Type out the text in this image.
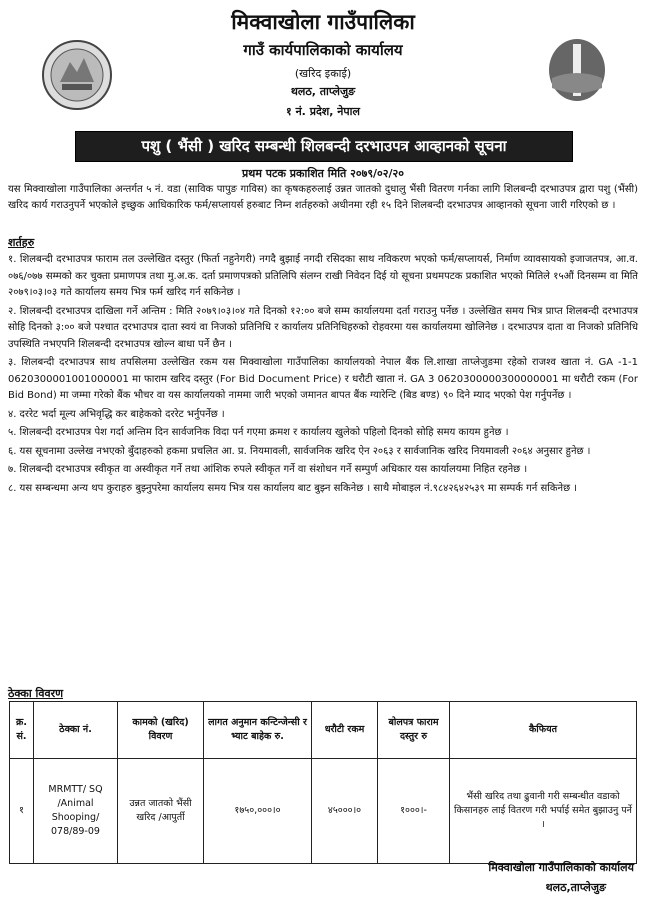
मिक्वाखोला गाउँपालिका
गाउँ कार्यपालिकाको कार्यालय
(खरिद इकाई)
थलठ, ताप्लेजुङ
१ नं. प्रदेश, नेपाल
पशु ( भैंसी ) खरिद सम्बन्धी शिलबन्दी दरभाउपत्र आव्हानको सूचना
प्रथम पटक प्रकाशित मिति २०७९/०२/२०
यस मिक्वाखोला गाउँपालिका अन्तर्गत ५ नं. वडा (साविक पापुङ गाविस) का कृषकहरुलाई उन्नत जातको दुधालु भैंसी वितरण गर्नका लागि शिलबन्दी दरभाउपत्र द्वारा पशु (भैंसी) खरिद कार्य गराउनुपर्ने भएकोले इच्छुक आधिकारिक फर्म/सप्लायर्स हरुबाट निम्न शर्तहरुको अधीनमा रही १५ दिने शिलबन्दी दरभाउपत्र आव्हानको सूचना जारी गरिएको छ ।
शर्तहरु
१. शिलबन्दी दरभाउपत्र फाराम तल उल्लेखित दस्तुर (फिर्ता नहुनेगरी) नगदै बुझाई नगदी रसिदका साथ नविकरण भएको फर्म/सप्लायर्स, निर्माण व्यावसायको इजाजतपत्र, आ.व. ०७६/०७७ सम्मको कर चुक्ता प्रमाणपत्र तथा मु.अ.क. दर्ता प्रमाणपत्रको प्रतिलिपि संलग्न राखी निवेदन दिई यो सूचना प्रथमपटक प्रकाशित भएको मितिले १५औं दिनसम्म वा मिति २०७९।०३।०३ गते कार्यालय समय भित्र फर्म खरिद गर्न सकिनेछ ।
२. शिलबन्दी दरभाउपत्र दाखिला गर्ने अन्तिम : मिति २०७९।०३।०४ गते दिनको १२:०० बजे सम्म कार्यालयमा दर्ता गराउनु पर्नेछ । उल्लेखित समय भित्र प्राप्त शिलबन्दी दरभाउपत्र सोहि दिनको ३:०० बजे पश्चात दरभाउपत्र दाता स्वयं वा निजको प्रतिनिधि र कार्यालय प्रतिनिधिहरुको रोहवरमा यस कार्यालयमा खोलिनेछ । दरभाउपत्र दाता वा निजको प्रतिनिधि उपस्थिति नभएपनि शिलबन्दी दरभाउपत्र खोल्न बाधा पर्ने छैन ।
३. शिलबन्दी दरभाउपत्र साथ तपसिलमा उल्लेखित रकम यस मिक्वाखोला गाउँपालिका कार्यालयको नेपाल बैंक लि.शाखा ताप्लेजुङमा रहेको राजश्व खाता नं. GA -1-1 0620300001001000001 मा फाराम खरिद दस्तुर (For Bid Document Price) र धरौटी खाता नं. GA 3 0620300000300000001 मा धरौटी रकम (For Bid Bond) मा जम्मा गरेको बैंक भौचर वा यस कार्यालयको नाममा जारी भएको जमानत बापत बैंक ग्यारेन्टि (बिड बण्ड) ९० दिने म्याद भएको पेश गर्नुपर्नेछ ।
४. दररेट भर्दा मूल्य अभिवृद्धि कर बाहेकको दररेट भर्नुपर्नेछ ।
५. शिलबन्दी दरभाउपत्र पेश गर्दा अन्तिम दिन सार्वजनिक विदा पर्न गएमा क्रमश र कार्यालय खुलेको पहिलो दिनको सोहि समय कायम हुनेछ ।
६. यस सूचनामा उल्लेख नभएको बुँदाहरुको हकमा प्रचलित आ. प्र. नियमावली, सार्वजनिक खरिद ऐन २०६३ र सार्वजानिक खरिद नियमावली २०६४ अनुसार हुनेछ ।
७. शिलबन्दी दरभाउपत्र स्वीकृत वा अस्वीकृत गर्ने तथा आंशिक रुपले स्वीकृत गर्ने वा संशोधन गर्ने सम्पुर्ण अधिकार यस कार्यालयमा निहित रहनेछ ।
८. यस सम्बन्धमा अन्य थप कुराहरु बुझ्नुपरेमा कार्यालय समय भित्र यस कार्यालय बाट बुझ्न सकिनेछ । साथै मोबाइल नं.९८४२६४२५३९ मा सम्पर्क गर्न सकिनेछ ।
ठेक्का विवरण
क्र. सं.	ठेक्का नं.	कामको (खरिद) विवरण	लागत अनुमान कन्टिन्जेन्सी र भ्याट बाहेक रु.	धरौटी रकम	बोलपत्र फाराम दस्तुर रु	कैफियत
१	MRMTT/ SQ /Animal Shooping/ 078/89-09	उन्नत जातको भैंसी खरिद /आपुर्ती	१७५०,०००।०	४५०००।०	१०००।-	भैंसी खरिद तथा ढुवानी गरी सम्बन्धीत वडाको किसानहरु लाई वितरण गरी भर्पाई समेत बुझाउनु पर्ने ।
मिक्वाखोला गाउँपालिकाको कार्यालय
थलठ,ताप्लेजुङ
